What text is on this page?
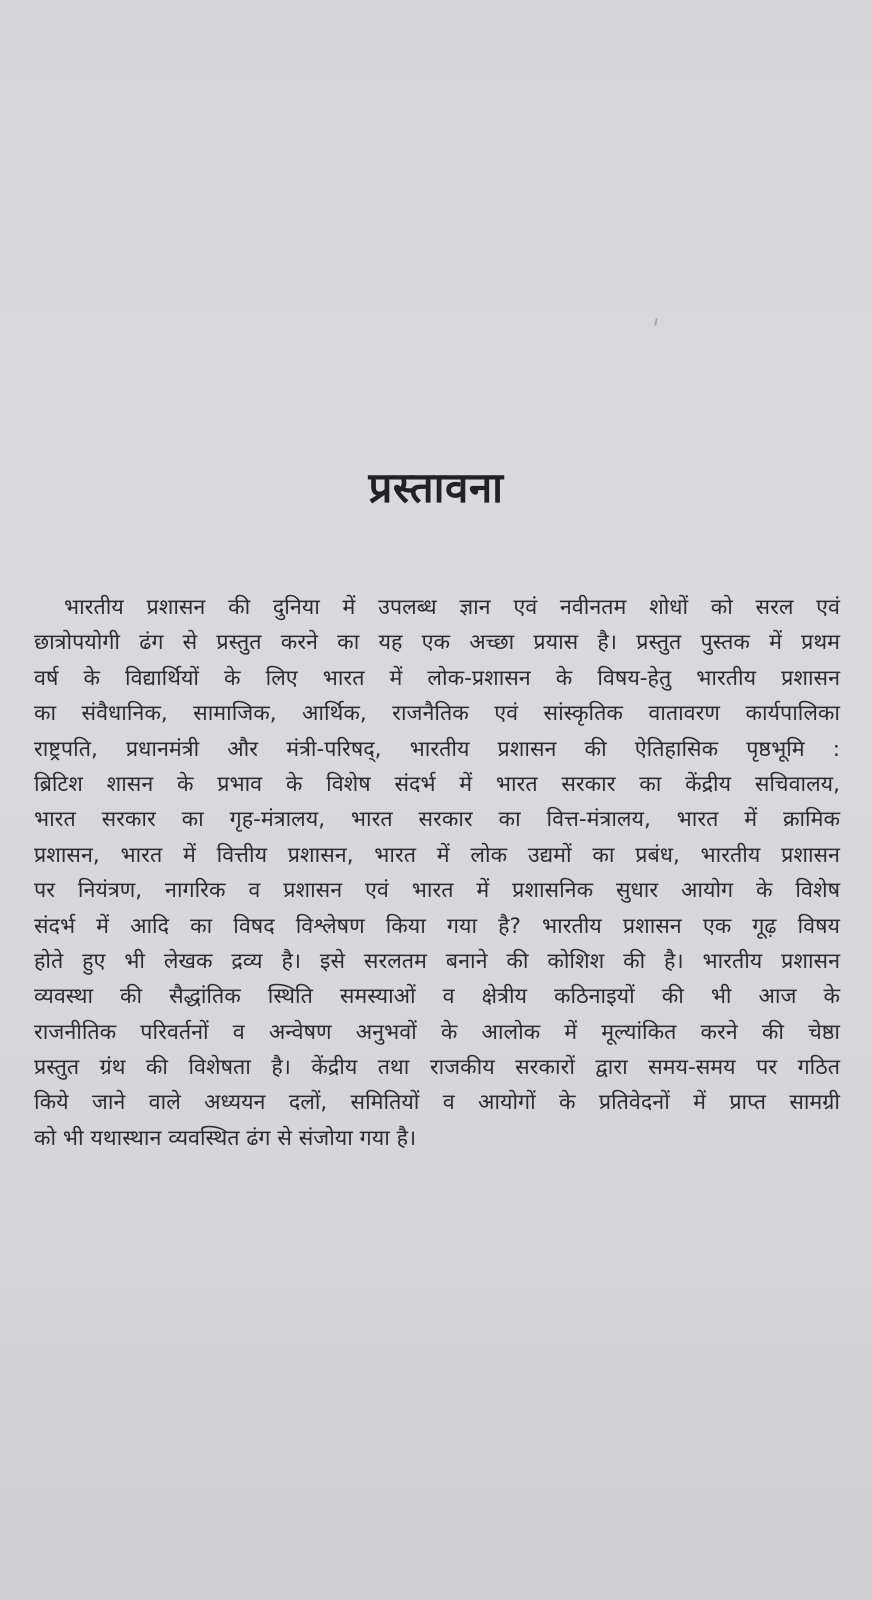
प्रस्तावना
भारतीय प्रशासन की दुनिया में उपलब्ध ज्ञान एवं नवीनतम शोधों को सरल एवं
छात्रोपयोगी ढंग से प्रस्तुत करने का यह एक अच्छा प्रयास है। प्रस्तुत पुस्तक में प्रथम
वर्ष के विद्यार्थियों के लिए भारत में लोक-प्रशासन के विषय-हेतु भारतीय प्रशासन
का संवैधानिक, सामाजिक, आर्थिक, राजनैतिक एवं सांस्कृतिक वातावरण कार्यपालिका
राष्ट्रपति, प्रधानमंत्री और मंत्री-परिषद्, भारतीय प्रशासन की ऐतिहासिक पृष्ठभूमि :
ब्रिटिश शासन के प्रभाव के विशेष संदर्भ में भारत सरकार का केंद्रीय सचिवालय,
भारत सरकार का गृह-मंत्रालय, भारत सरकार का वित्त-मंत्रालय, भारत में क्रामिक
प्रशासन, भारत में वित्तीय प्रशासन, भारत में लोक उद्यमों का प्रबंध, भारतीय प्रशासन
पर नियंत्रण, नागरिक व प्रशासन एवं भारत में प्रशासनिक सुधार आयोग के विशेष
संदर्भ में आदि का विषद विश्लेषण किया गया है? भारतीय प्रशासन एक गूढ़ विषय
होते हुए भी लेखक द्रव्य है। इसे सरलतम बनाने की कोशिश की है। भारतीय प्रशासन
व्यवस्था की सैद्धांतिक स्थिति समस्याओं व क्षेत्रीय कठिनाइयों की भी आज के
राजनीतिक परिवर्तनों व अन्वेषण अनुभवों के आलोक में मूल्यांकित करने की चेष्ठा
प्रस्तुत ग्रंथ की विशेषता है। केंद्रीय तथा राजकीय सरकारों द्वारा समय-समय पर गठित
किये जाने वाले अध्ययन दलों, समितियों व आयोगों के प्रतिवेदनों में प्राप्त सामग्री
को भी यथास्थान व्यवस्थित ढंग से संजोया गया है।
